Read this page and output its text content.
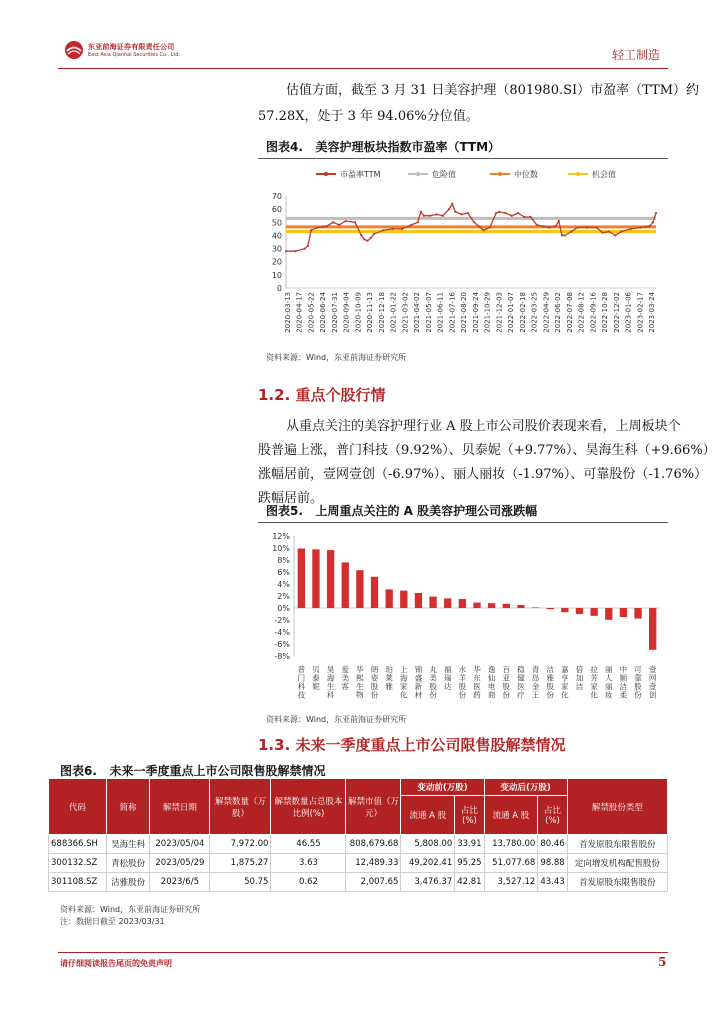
东亚前海证券有限责任公司
East Asia Qianhai Securities Co., Ltd.	轻工制造
估值方面，截至 3 月 31 日美容护理（801980.SI）市盈率（TTM）约
57.28X，处于 3 年 94.06%分位值。
图表4.   美容护理板块指数市盈率（TTM）
市盈率TTM	危险值	中位数	机会值
0
10
20
30
40
50
60
70
2020-03-13 2020-04-17 2020-05-22 2020-06-24 2020-07-31 2020-09-04 2020-10-09 2020-11-13 2020-12-18 2021-01-22 2021-03-02 2021-04-02 2021-05-07 2021-06-11 2021-07-16 2021-08-20 2021-09-24 2021-10-29 2021-12-03 2022-01-07 2022-02-18 2022-03-25 2022-04-29 2022-06-02 2022-07-08 2022-08-12 2022-09-16 2022-10-28 2022-12-02 2023-01-06 2023-02-17 2023-03-24
资料来源：Wind，东亚前海证券研究所
1.2. 重点个股行情
从重点关注的美容护理行业 A 股上市公司股价表现来看，上周板块个
股普遍上涨，普门科技（9.92%）、贝泰妮（+9.77%）、昊海生科（+9.66%）
涨幅居前，壹网壹创（-6.97%）、丽人丽妆（-1.97%）、可靠股份（-1.76%）
跌幅居前。
图表5.   上周重点关注的 A 股美容护理公司涨跌幅
-8%
-6%
-4%
-2%
0%
2%
4%
6%
8%
10%
12%
普门科技
贝泰妮
昊海生科
爱美客
华熙生物
朗姿股份
珀莱雅
上海家化
锦盛新材
丸美股份
福瑞达
水羊股份
华东医药
逸仙电商
百亚股份
稳健医疗
青岛金王
洁雅股份
嘉亨家化
倍加洁
拉芳家化
丽人丽妆
中顺洁柔
可靠股份
壹网壹创
资料来源：Wind，东亚前海证券研究所
1.3. 未来一季度重点上市公司限售股解禁情况
图表6.   未来一季度重点上市公司限售股解禁情况
代码	简称	解禁日期	解禁数量（万股）	解禁数量占总股本比例(%)	解禁市值（万元）	变动前(万股)		变动后(万股)		解禁股份类型
						流通 A 股	占比(%)	流通 A 股	占比(%)	
688366.SH	昊海生科	2023/05/04	7,972.00	46.55	808,679.68	5,808.00	33.91	13,780.00	80.46	首发原股东限售股份
300132.SZ	青松股份	2023/05/29	1,875.27	3.63	12,489.33	49,202.41	95.25	51,077.68	98.88	定向增发机构配售股份
301108.SZ	洁雅股份	2023/6/5	50.75	0.62	2,007.65	3,476.37	42.81	3,527.12	43.43	首发原股东限售股份
资料来源：Wind，东亚前海证券研究所
注：数据日截至 2023/03/31
请仔细阅读报告尾页的免责声明	5
